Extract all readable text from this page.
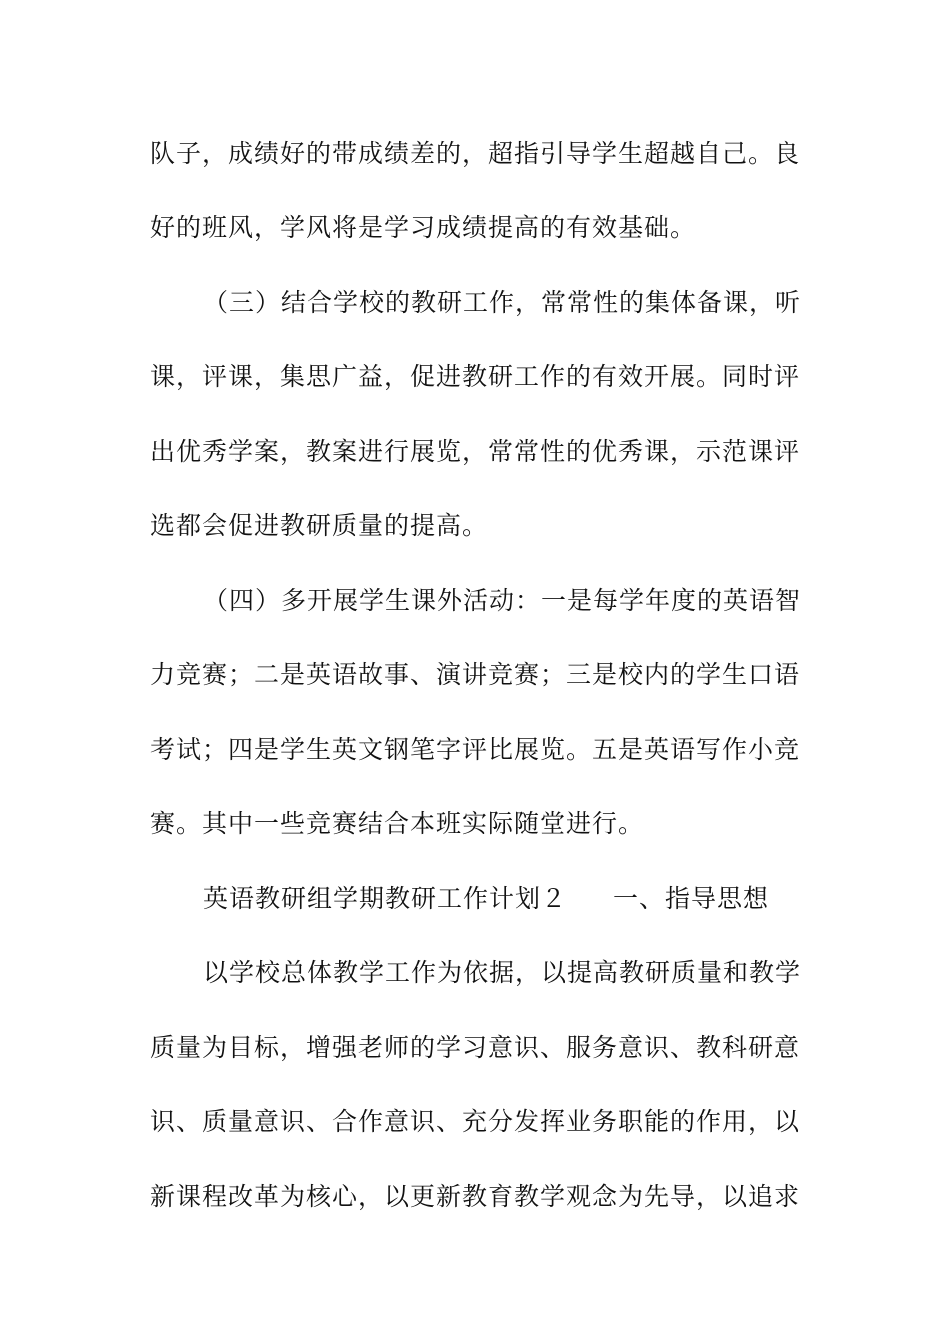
队子，成绩好的带成绩差的，超指引导学生超越自己。良
好的班风，学风将是学习成绩提高的有效基础。
（三）结合学校的教研工作，常常性的集体备课，听
课，评课，集思广益，促进教研工作的有效开展。同时评
出优秀学案，教案进行展览，常常性的优秀课，示范课评
选都会促进教研质量的提高。
（四）多开展学生课外活动：一是每学年度的英语智
力竞赛；二是英语故事、演讲竞赛；三是校内的学生口语
考试；四是学生英文钢笔字评比展览。五是英语写作小竞
赛。其中一些竞赛结合本班实际随堂进行。
英语教研组学期教研工作计划２ 一、指导思想
以学校总体教学工作为依据，以提高教研质量和教学
质量为目标，增强老师的学习意识、服务意识、教科研意
识、质量意识、合作意识、充分发挥业务职能的作用，以
新课程改革为核心，以更新教育教学观念为先导，以追求
